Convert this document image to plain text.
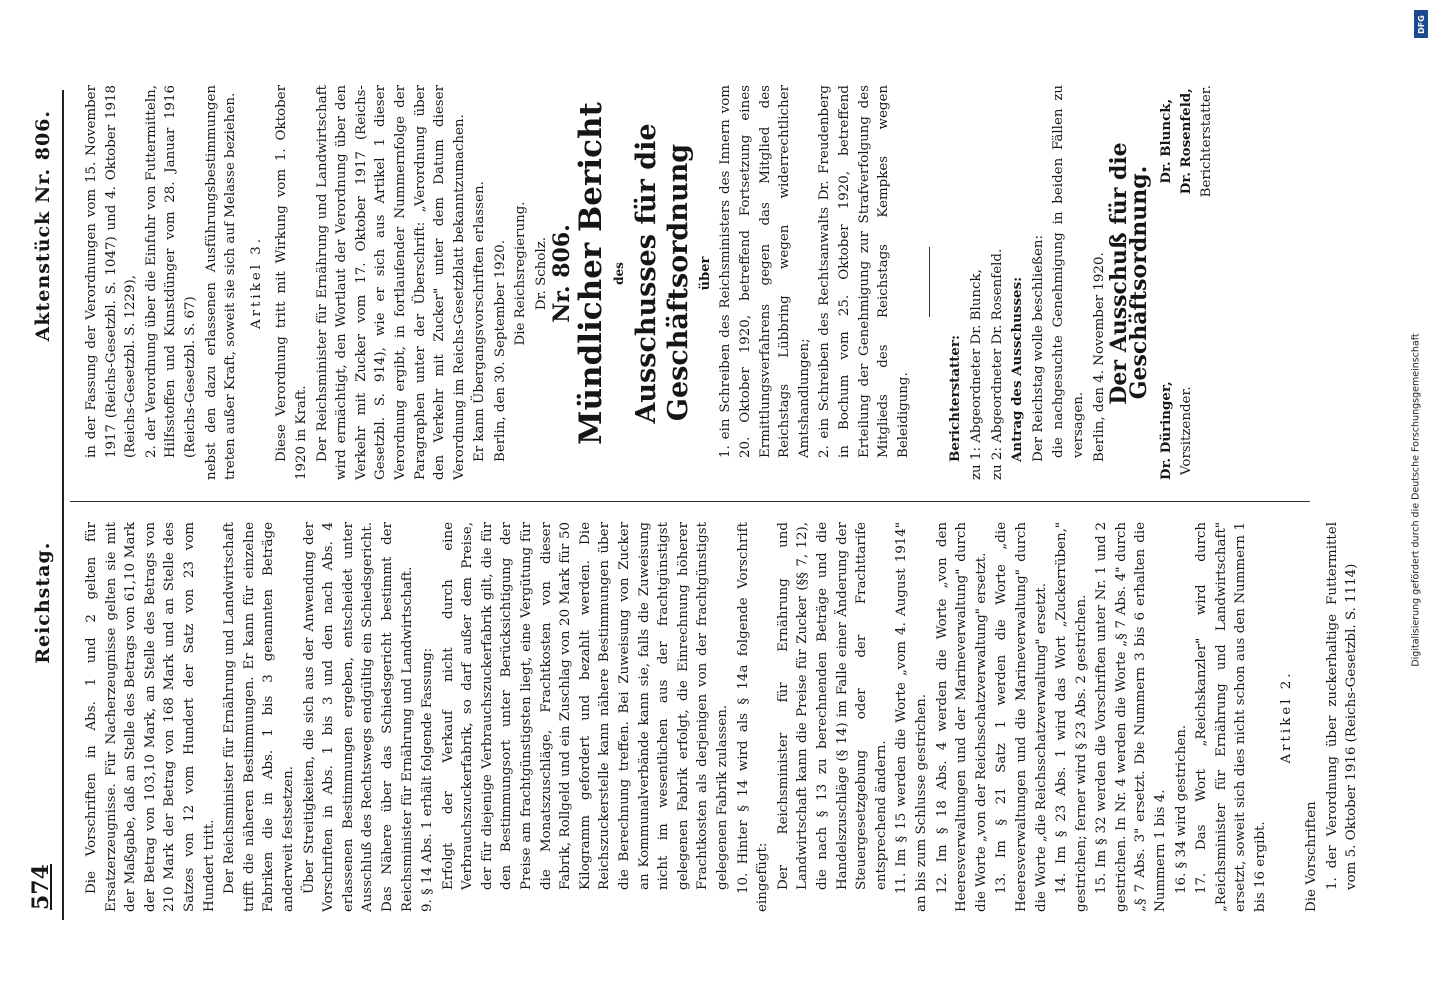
574
Reichstag.
Aktenstück Nr. 806.

Die Vorschriften in Abs. 1 und 2 gelten für Ersatzerzeugnisse. Für Nacherzeugnisse gelten sie mit der Maßgabe, daß an Stelle des Betrags von 61,10 Mark der Betrag von 103,10 Mark, an Stelle des Betrags von 210 Mark der Betrag von 168 Mark und an Stelle des Satzes von 12 vom Hundert der Satz von 23 vom Hundert tritt. Der Reichsminister für Ernährung und Landwirtschaft trifft die näheren Bestimmungen. Er kann für einzelne Fabriken die in Abs. 1 bis 3 genannten Beträge anderweit festsetzen. Über Streitigkeiten, die sich aus der Anwendung der Vorschriften in Abs. 1 bis 3 und den nach Abs. 4 erlassenen Bestimmungen ergeben, entscheidet unter Ausschluß des Rechtswegs endgültig ein Schiedsgericht. Das Nähere über das Schiedsgericht bestimmt der Reichsminister für Ernährung und Landwirtschaft. 9. § 14 Abs. 1 erhält folgende Fassung: Erfolgt der Verkauf nicht durch eine Verbrauchszuckerfabrik, so darf außer dem Preise, der für diejenige Verbrauchszuckerfabrik gilt, die für den Bestimmungsort unter Berücksichtigung der Preise am frachtgünstigsten liegt, eine Vergütung für die Monatszuschläge, Frachtkosten von dieser Fabrik, Rollgeld und ein Zuschlag von 20 Mark für 50 Kilogramm gefordert und bezahlt werden. Die Reichszuckerstelle kann nähere Bestimmungen über die Berechnung treffen. Bei Zuweisung von Zucker an Kommunalverbände kann sie, falls die Zuweisung nicht im wesentlichen aus der frachtgünstigst gelegenen Fabrik erfolgt, die Einrechnung höherer Frachtkosten als derjenigen von der frachtgünstigst gelegenen Fabrik zulassen. 10. Hinter § 14 wird als § 14a folgende Vorschrift eingefügt: Der Reichsminister für Ernährung und Landwirtschaft kann die Preise für Zucker (§§ 7, 12), die nach § 13 zu berechnenden Beträge und die Handelszuschläge (§ 14) im Falle einer Änderung der Steuergesetzgebung oder der Frachttarife entsprechend ändern. 11. Im § 15 werden die Worte „vom 4. August 1914" an bis zum Schlusse gestrichen. 12. Im § 18 Abs. 4 werden die Worte „von den Heeresverwaltungen und der Marineverwaltung" durch die Worte „von der Reichsschatzverwaltung" ersetzt. 13. Im § 21 Satz 1 werden die Worte „die Heeresverwaltungen und die Marineverwaltung" durch die Worte „die Reichsschatzverwaltung" ersetzt. 14. Im § 23 Abs. 1 wird das Wort „Zuckerrüben," gestrichen; ferner wird § 23 Abs. 2 gestrichen. 15. Im § 32 werden die Vorschriften unter Nr. 1 und 2 gestrichen. In Nr. 4 werden die Worte „§ 7 Abs. 4" durch „§ 7 Abs. 3" ersetzt. Die Nummern 3 bis 6 erhalten die Nummern 1 bis 4. 16. § 34 wird gestrichen. 17. Das Wort „Reichskanzler" wird durch „Reichsminister für Ernährung und Landwirtschaft" ersetzt, soweit sich dies nicht schon aus den Nummern 1 bis 16 ergibt.

Artikel 2.

Die Vorschriften 1. der Verordnung über zuckerhaltige Futtermittel vom 5. Oktober 1916 (Reichs-Gesetzbl. S. 1114)

in der Fassung der Verordnungen vom 15. November 1917 (Reichs-Gesetzbl. S. 1047) und 4. Oktober 1918 (Reichs-Gesetzbl. S. 1229), 2. der Verordnung über die Einfuhr von Futtermitteln, Hilfsstoffen und Kunstdünger vom 28. Januar 1916 (Reichs-Gesetzbl. S. 67) nebst den dazu erlassenen Ausführungsbestimmungen treten außer Kraft, soweit sie sich auf Melasse beziehen. Artikel 3. Diese Verordnung tritt mit Wirkung vom 1. Oktober 1920 in Kraft. Der Reichsminister für Ernährung und Landwirtschaft wird ermächtigt, den Wortlaut der Verordnung über den Verkehr mit Zucker vom 17. Oktober 1917 (Reichs-Gesetzbl. S. 914), wie er sich aus Artikel 1 dieser Verordnung ergibt, in fortlaufender Nummernfolge der Paragraphen unter der Überschrift: „Verordnung über den Verkehr mit Zucker" unter dem Datum dieser Verordnung im Reichs-Gesetzblatt bekanntzumachen. Er kann Übergangsvorschriften erlassen. Berlin, den 30. September 1920. Die Reichsregierung. Dr. Scholz. Nr. 806.

Mündlicher Bericht des Ausschusses für die Geschäftsordnung über 1. ein Schreiben des Reichsministers des Innern vom 20. Oktober 1920, betreffend Fortsetzung eines Ermittlungsverfahrens gegen das Mitglied des Reichstags Lübbring wegen widerrechtlicher Amtshandlungen; 2. ein Schreiben des Rechtsanwalts Dr. Freudenberg in Bochum vom 25. Oktober 1920, betreffend Erteilung der Genehmigung zur Strafverfolgung des Mitglieds des Reichstags Kempkes wegen Beleidigung.	Berichterstatter: zu 1: Abgeordneter Dr. Blunck, zu 2: Abgeordneter Dr. Rosenfeld. Antrag des Ausschusses: Der Reichstag wolle beschließen: die nachgesuchte Genehmigung in beiden Fällen zu versagen. Berlin, den 4. November 1920. Der Ausschuß für die Geschäftsordnung.

Dr. Düringer, Vorsitzender.
Dr. Blunck, Dr. Rosenfeld, Berichterstatter.
DFG
Digitalisierung gefördert durch die Deutsche Forschungsgemeinschaft
